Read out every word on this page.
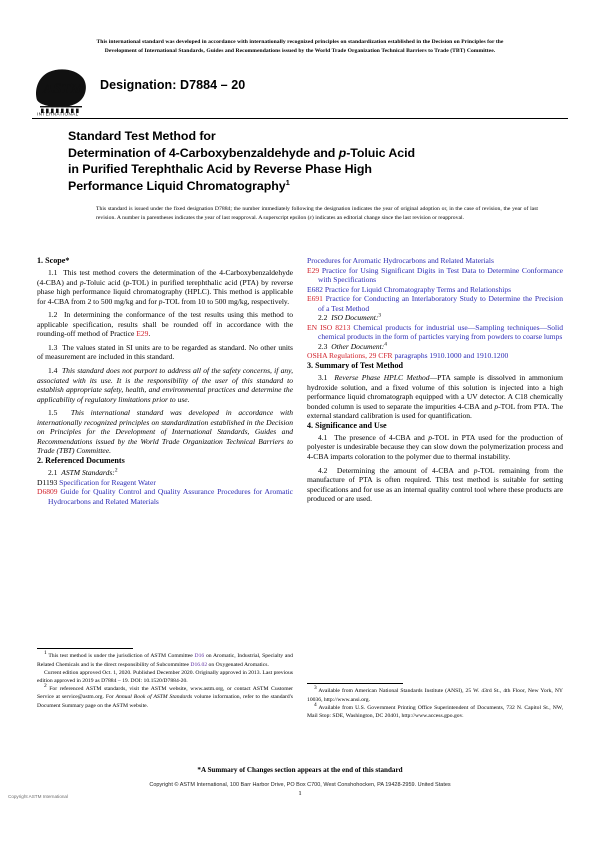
This international standard was developed in accordance with internationally recognized principles on standardization established in the Decision on Principles for the
Development of International Standards, Guides and Recommendations issued by the World Trade Organization Technical Barriers to Trade (TBT) Committee.
ASTM
INTERNATIONAL
Designation: D7884 – 20
Standard Test Method for
Determination of 4-Carboxybenzaldehyde and p-Toluic Acid
in Purified Terephthalic Acid by Reverse Phase High
Performance Liquid Chromatography$^1$
This standard is issued under the fixed designation D7884; the number immediately following the designation indicates the year of original adoption or, in the case of revision, the year of last revision. A number in parentheses indicates the year of last reapproval. A superscript epsilon (ε) indicates an editorial change since the last revision or reapproval.
1. Scope*

1.1 This test method covers the determination of the 4-Carboxybenzaldehyde (4-CBA) and p-Toluic acid (p-TOL) in purified terephthalic acid (PTA) by reverse phase high performance liquid chromatography (HPLC). This method is applicable for 4-CBA from 2 to 500 mg/kg and for p-TOL from 10 to 500 mg/kg, respectively.

1.2 In determining the conformance of the test results using this method to applicable specification, results shall be rounded off in accordance with the rounding-off method of Practice E29.

1.3 The values stated in SI units are to be regarded as standard. No other units of measurement are included in this standard.

1.4 This standard does not purport to address all of the safety concerns, if any, associated with its use. It is the responsibility of the user of this standard to establish appropriate safety, health, and environmental practices and determine the applicability of regulatory limitations prior to use.

1.5 This international standard was developed in accordance with internationally recognized principles on standardization established in the Decision on Principles for the Development of International Standards, Guides and Recommendations issued by the World Trade Organization Technical Barriers to Trade (TBT) Committee.

2. Referenced Documents

2.1 ASTM Standards:$^2$

D1193 Specification for Reagent Water

D6809 Guide for Quality Control and Quality Assurance Procedures for Aromatic Hydrocarbons and Related Materials

$^1$ This test method is under the jurisdiction of ASTM Committee D16 on Aromatic, Industrial, Specialty and Related Chemicals and is the direct responsibility of Subcommittee D16.02 on Oxygenated Aromatics.

Current edition approved Oct. 1, 2020. Published December 2020. Originally approved in 2013. Last previous edition approved in 2019 as D7884 – 19. DOI: 10.1520/D7884-20.

$^2$ For referenced ASTM standards, visit the ASTM website, www.astm.org, or contact ASTM Customer Service at service@astm.org. For Annual Book of ASTM Standards volume information, refer to the standard's Document Summary page on the ASTM website.

Procedures for Aromatic Hydrocarbons and Related Materials

E29 Practice for Using Significant Digits in Test Data to Determine Conformance with Specifications

E682 Practice for Liquid Chromatography Terms and Relationships

E691 Practice for Conducting an Interlaboratory Study to Determine the Precision of a Test Method

2.2 ISO Document:$^3$

EN ISO 8213 Chemical products for industrial use—Sampling techniques—Solid chemical products in the form of particles varying from powders to coarse lumps

2.3 Other Document:$^4$

OSHA Regulations, 29 CFR paragraphs 1910.1000 and 1910.1200

3. Summary of Test Method

3.1 Reverse Phase HPLC Method—PTA sample is dissolved in ammonium hydroxide solution, and a fixed volume of this solution is injected into a high performance liquid chromatograph equipped with a UV detector. A C18 chemically bonded column is used to separate the impurities 4-CBA and p-TOL from PTA. The external standard calibration is used for quantification.

4. Significance and Use

4.1 The presence of 4-CBA and p-TOL in PTA used for the production of polyester is undesirable because they can slow down the polymerization process and 4-CBA imparts coloration to the polymer due to thermal instability.

4.2 Determining the amount of 4-CBA and p-TOL remaining from the manufacture of PTA is often required. This test method is suitable for setting specifications and for use as an internal quality control tool where these products are produced or are used.

$^3$ Available from American National Standards Institute (ANSI), 25 W. 43rd St., 4th Floor, New York, NY 10036, http://www.ansi.org.

$^4$ Available from U.S. Government Printing Office Superintendent of Documents, 732 N. Capitol St., NW, Mail Stop: SDE, Washington, DC 20401, http://www.access.gpo.gov.

*A Summary of Changes section appears at the end of this standard
Copyright © ASTM International, 100 Barr Harbor Drive, PO Box C700, West Conshohocken, PA 19428-2959. United States
Copyright ASTM International	1
